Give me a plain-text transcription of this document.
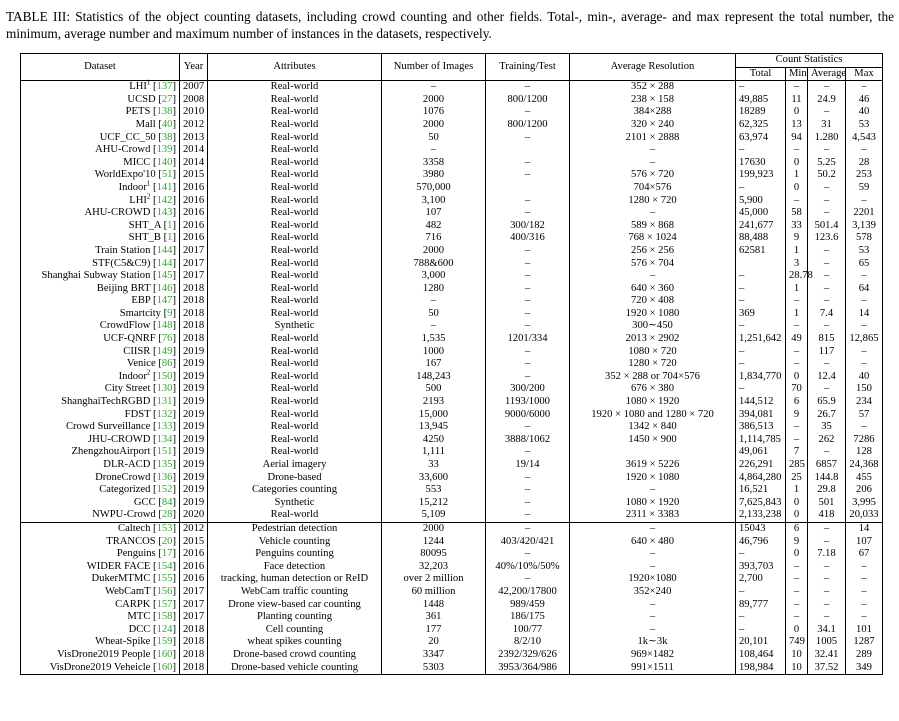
TABLE III: Statistics of the object counting datasets, including crowd counting and other fields. Total-, min-, average- and max represent the total number, the minimum, average number and maximum number of instances in the datasets, respectively.
Dataset	Year	Attributes	Number of Images	Training/Test	Average Resolution	Count Statistics			
						Total	Min	Average	Max
LHI$^1$ [137]	2007	Real-world	–	–	352 × 288	–	–	–	–
UCSD [27]	2008	Real-world	2000	800/1200	238 × 158	49,885	11	24.9	46
PETS [138]	2010	Real-world	1076	–	384×288	18289	0	–	40
Mall [40]	2012	Real-world	2000	800/1200	320 × 240	62,325	13	31	53
UCF_CC_50 [38]	2013	Real-world	50	–	2101 × 2888	63,974	94	1.280	4,543
AHU-Crowd [139]	2014	Real-world	–		–	–	–	–	–
MICC [140]	2014	Real-world	3358	–	–	17630	0	5.25	28
WorldExpo'10 [51]	2015	Real-world	3980	–	576 × 720	199,923	1	50.2	253
Indoor$^1$ [141]	2016	Real-world	570,000		704×576	–	0	–	59
LHI$^2$ [142]	2016	Real-world	3,100	–	1280 × 720	5,900	–	–	–
AHU-CROWD [143]	2016	Real-world	107	–	–	45,000	58	–	2201
SHT_A [1]	2016	Real-world	482	300/182	589 × 868	241,677	33	501.4	3,139
SHT_B [1]	2016	Real-world	716	400/316	768 × 1024	88,488	9	123.6	578
Train Station [144]	2017	Real-world	2000	–	256 × 256	62581	1	–	53
STF(C5&C9) [144]	2017	Real-world	788&600	–	576 × 704		3	–	65
Shanghai Subway Station [145]	2017	Real-world	3,000	–	–	–	28.78	–	–
Beijing BRT [146]	2018	Real-world	1280	–	640 × 360	–	1	–	64
EBP [147]	2018	Real-world	–	–	720 × 408	–	–	–	–
Smartcity [9]	2018	Real-world	50	–	1920 × 1080	369	1	7.4	14
CrowdFlow [148]	2018	Synthetic	–	–	300∼450	–	–	–	–
UCF-QNRF [76]	2018	Real-world	1,535	1201/334	2013 × 2902	1,251,642	49	815	12,865
CIISR [149]	2019	Real-world	1000	–	1080 × 720	–	–	117	–
Venice [86]	2019	Real-world	167	–	1280 × 720	–	–	–	–
Indoor$^2$ [150]	2019	Real-world	148,243	–	352 × 288 or 704×576	1,834,770	0	12.4	40
City Street [130]	2019	Real-world	500	300/200	676 × 380	–	70	–	150
ShanghaiTechRGBD [131]	2019	Real-world	2193	1193/1000	1080 × 1920	144,512	6	65.9	234
FDST [132]	2019	Real-world	15,000	9000/6000	1920 × 1080 and 1280 × 720	394,081	9	26.7	57
Crowd Surveillance [133]	2019	Real-world	13,945	–	1342 × 840	386,513	–	35	–
JHU-CROWD [134]	2019	Real-world	4250	3888/1062	1450 × 900	1,114,785	–	262	7286
ZhengzhouAirport [151]	2019	Real-world	1,111	–		49,061	7	–	128
DLR-ACD [135]	2019	Aerial imagery	33	19/14	3619 × 5226	226,291	285	6857	24,368
DroneCrowd [136]	2019	Drone-based	33,600	–	1920 × 1080	4,864,280	25	144.8	455
Categorized [152]	2019	Categories counting	553	–	–	16,521	1	29.8	206
GCC [84]	2019	Synthetic	15,212	–	1080 × 1920	7,625,843	0	501	3,995
NWPU-Crowd [28]	2020	Real-world	5,109	–	2311 × 3383	2,133,238	0	418	20,033
Caltech [153]	2012	Pedestrian detection	2000	–	–	15043	6	–	14
TRANCOS [20]	2015	Vehicle counting	1244	403/420/421	640 × 480	46,796	9	–	107
Penguins [17]	2016	Penguins counting	80095	–	–	–	0	7.18	67
WIDER FACE [154]	2016	Face detection	32,203	40%/10%/50%	–	393,703	–	–	–
DukerMTMC [155]	2016	tracking, human detection or ReID	over 2 million	–	1920×1080	2,700	–	–	–
WebCamT [156]	2017	WebCam traffic counting	60 million	42,200/17800	352×240	–	–	–	–
CARPK [157]	2017	Drone view-based car counting	1448	989/459	–	89,777	–	–	–
MTC [158]	2017	Planting counting	361	186/175	–	–	–	–	–
DCC [124]	2018	Cell counting	177	100/77	–	–	0	34.1	101
Wheat-Spike [159]	2018	wheat spikes counting	20	8/2/10	1k∼3k	20,101	749	1005	1287
VisDrone2019 People [160]	2018	Drone-based crowd counting	3347	2392/329/626	969×1482	108,464	10	32.41	289
VisDrone2019 Veheicle [160]	2018	Drone-based vehicle counting	5303	3953/364/986	991×1511	198,984	10	37.52	349
